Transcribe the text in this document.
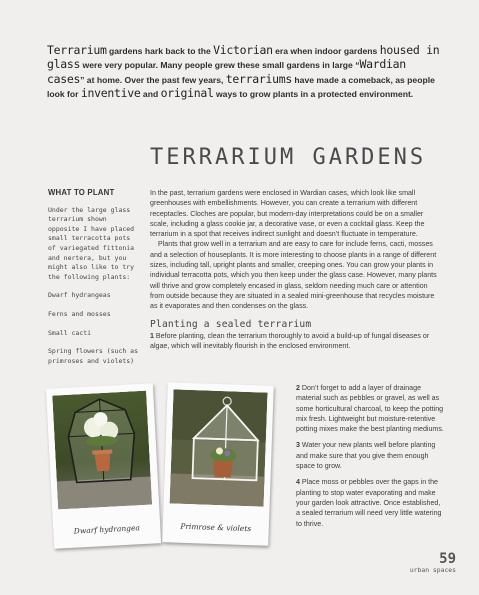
Terrarium gardens hark back to the Victorian era when indoor gardens housed in glass were very popular. Many people grew these small gardens in large “Wardian cases” at home. Over the past few years, terrariums have made a comeback, as people look for inventive and original ways to grow plants in a protected environment.
TERRARIUM GARDENS
WHAT TO PLANT

Under the large glass terrarium shown opposite I have placed small terracotta pots of variegated fittonia and nertera, but you might also like to try the following plants:

Dwarf hydrangeas

Ferns and mosses

Small cacti

Spring flowers (such as primroses and violets)

In the past, terrarium gardens were enclosed in Wardian cases, which look like small greenhouses with embellishments. However, you can create a terrarium with different receptacles. Cloches are popular, but modern-day interpretations could be on a smaller scale, including a glass cookie jar, a decorative vase, or even a cocktail glass. Keep the terrarium in a spot that receives indirect sunlight and doesn’t fluctuate in temperature.

Plants that grow well in a terrarium and are easy to care for include ferns, cacti, mosses and a selection of houseplants. It is more interesting to choose plants in a range of different sizes, including tall, upright plants and smaller, creeping ones. You can grow your plants in individual terracotta pots, which you then keep under the glass case. However, many plants will thrive and grow completely encased in glass, seldom needing much care or attention from outside because they are situated in a sealed mini-greenhouse that recycles moisture as it evaporates and then condenses on the glass.

Planting a sealed terrarium

1 Before planting, clean the terrarium thoroughly to avoid a build-up of fungal diseases or algae, which will inevitably flourish in the enclosed environment.

2 Don’t forget to add a layer of drainage material such as pebbles or gravel, as well as some horticultural charcoal, to keep the potting mix fresh. Lightweight but moisture-retentive potting mixes make the best planting mediums.

3 Water your new plants well before planting and make sure that you give them enough space to grow.

4 Place moss or pebbles over the gaps in the planting to stop water evaporating and make your garden look attractive. Once established, a sealed terrarium will need very little watering to thrive.

Dwarf hydrangea	Primrose & violets
59
urban spaces
